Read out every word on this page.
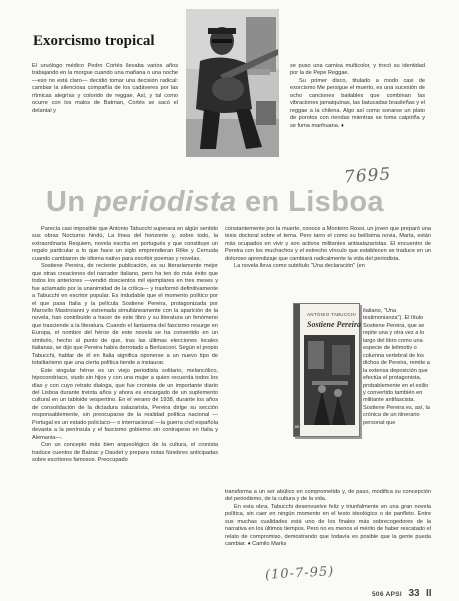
Exorcismo tropical

El uruólogo médico Pedro Cortés llevaba varios años trabajando en la morgue cuando una mañana o una noche —eso no está claro— decidió tomar una decisión radical: cambiar la silenciosa compañía de los cadáveres por las rítmicas alegrías y colorido de reggae. Así, y tal como ocurre con los malos de Batman, Cortés se sacó el delantal y

se puso una camisa multicolor, y trocó su identidad por la de Pepe Reggae.

Su primer disco, titulado a modo casi de exorcismo Me persigue el muerto, es una sucesión de ocho canciones bailables que combinan las vibraciones jamaiquinas, las batucadas brasileñas y el reggae a la chilena. Algo así como sonarse un plato de porotos con riendas mientras se toma caipiriña y se fuma marihuana. ♦

7695
Un periodista en Lisboa

Parecía casi imposible que Antonio Tabucchi superara en algún sentido sus obras Nocturno hindú, La línea del horizonte y, sobre todo, la extraordinaria Requiem, novela escrita en portugués y que constituye un regalo particular a lo que hace un siglo emprendieran Rilke y Cernuda cuando cambiaron de idioma nativo para escribir poemas y novelas.

Sostiene Pereira, de reciente publicación, es su literariamente mejor que otras creaciones del narrador italiano, pero ha ten do más éxito que todos los anteriores —vendió doscientos mil ejemplares en tres meses y fue aclamado por la unanimidad de la crítica— y trasformó definitivamente a Tabucchi en escritor popular. Es indudable que el momento político por el que pasa Italia y la película Sostiene Pereira, protagonizada por Marcello Mastroianni y estrenada simultáneamente con la aparición de la novela, han contribuido a hacer de este libro y su literatura un fenómeno que trasciende a la literatura. Cuando el fantasma del fascismo resurge en Europa, el nombre del héroe de este novela se ha convertido en un símbolo, hecho al punto de que, tras las últimas elecciones locales italianas, se dijo que Pereira había derrotado a Berlusconi. Según el propio Tabucchi, hablar de él en Italia significa oponerse a un nuevo tipo de totalitarismo que una cierta política tiende a instaurar.

Este singular héroe es un viejo periodista solitario, melancólico, hipocondríaco, viudo sin hijos y con una mujer a quien recuerda todos los días y con cuyo retrato dialoga, que fue cronista de un importante diario del Lisboa durante treinta años y ahora es encargado de un suplemento cultural en un tabloide vespertino. En el verano de 1938, durante los años de consolidación de la dictadura salazarista, Pereira dirige su sección responsablemente, sin preocuparse de la realidad política nacional —Portugal es un estado policíaco— o internacional —la guerra civil española devasta a la península y el fascismo gobierno sin contrapeso en Italia y Alemania—.

Con un concepto más bien arqueológico de la cultura, el cronista traduce cuentos de Balzac y Daudet y prepara notas fúnebres anticipadas sobre escritores famosos. Preocupado

constantemente por la muerte, conoce a Monteiro Rossi, un joven que preparó una tesis doctoral sobre el tema. Pero tarro el como su bellísima novia, Marta, están más ocupados en vivir y son activos militantes antisalazaristas. El encuentro de Pereira con los muchachos y el estrecho vínculo que establecen se traduce en un doloroso aprendizaje que cambiará radicalmente la vida del periodista.

La novela lleva como subtítulo "Una declaración" (en

ANTONIO TABUCCHI
Sostiene Pereira
85

italiano, "Una testimonianza"). El título Sostiene Pereira, que se repite una y otra vez a lo largo del libro como una especie de leitmotiv o columna vertebral de los dichos de Pereira, remite a la extensa deposición que efectúa el protagonista, probablemente en el exilio y convertido también en militante antifascista. Sostiene Pereira es, así, la crónica de un itinerario personal que

transforma a un ser abúlico en comprometido y, de paso, modifica su concepción del periodismo, de la cultura y de la vida.

En esta obra, Tabucchi desenvuelve feliz y triunfalmente en una gran novela política, sin caer en ningún momento en el texto ideológico o de panfleto. Entre sus muchas cualidades está uno de los finales más sobrecogedores de la narrativa en los últimos tiempos. Pero no es menos el mérito de haber rescatado el relato de compromiso, demostrando que todavía es posible que la gente pueda cambiar. ♦ Camilo Marks

(10-7-95)
506 APSI 33 II
